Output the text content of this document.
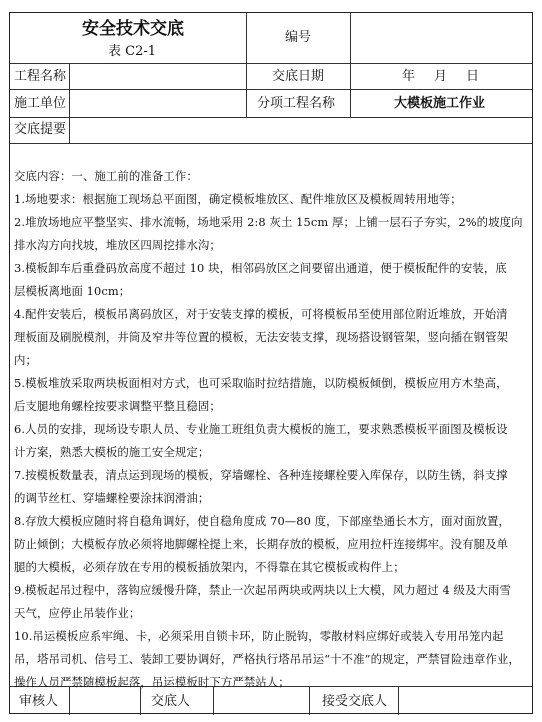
安全技术交底
表 C2-1
编号
工程名称	交底日期	年 月 日
施工单位	分项工程名称	大模板施工作业
交底提要

交底内容：一、施工前的准备工作：

1.场地要求：根据施工现场总平面图，确定模板堆放区、配件堆放区及模板周转用地等；

2.堆放场地应平整坚实、排水流畅，场地采用 2:8 灰土 15cm 厚；上铺一层石子夯实，2%的坡度向

排水沟方向找坡，堆放区四周挖排水沟；

3.模板卸车后重叠码放高度不超过 10 块，相邻码放区之间要留出通道，便于模板配件的安装，底

层模板离地面 10cm；

4.配件安装后，模板吊离码放区，对于安装支撑的模板，可将模板吊至使用部位附近堆放，开始清

理板面及刷脱模剂，井筒及窄井等位置的模板，无法安装支撑，现场搭设钢管架，竖向插在钢管架

内；

5.模板堆放采取两块板面相对方式，也可采取临时拉结措施，以防模板倾倒，模板应用方木垫高，

后支腿地角螺栓按要求调整平整且稳固；

6.人员的安排，现场设专职人员、专业施工班组负责大模板的施工，要求熟悉模板平面图及模板设

计方案，熟悉大模板的施工安全规定；

7.按模板数量表，清点运到现场的模板，穿墙螺栓、各种连接螺栓要入库保存，以防生锈，斜支撑

的调节丝杠、穿墙螺栓要涂抹润滑油；

8.存放大模板应随时将自稳角调好，使自稳角度成 70—80 度，下部座垫通长木方，面对面放置，

防止倾倒；大模板存放必须将地脚螺栓提上来，长期存放的模板，应用拉杆连接绑牢。没有腿及单

腿的大模板，必须存放在专用的模板插放架内，不得靠在其它模板或构件上；

9.模板起吊过程中，落钩应缓慢升降，禁止一次起吊两块或两块以上大模，风力超过 4 级及大雨雪

天气，应停止吊装作业；

10.吊运模板应系牢绳、卡，必须采用自锁卡环，防止脱钩，零散材料应绑好或装入专用吊笼内起

吊，塔吊司机、信号工、装卸工要协调好，严格执行塔吊吊运“十不准”的规定，严禁冒险违章作业，

操作人员严禁随模板起落，吊运模板时下方严禁站人；

审核人	交底人	接受交底人
